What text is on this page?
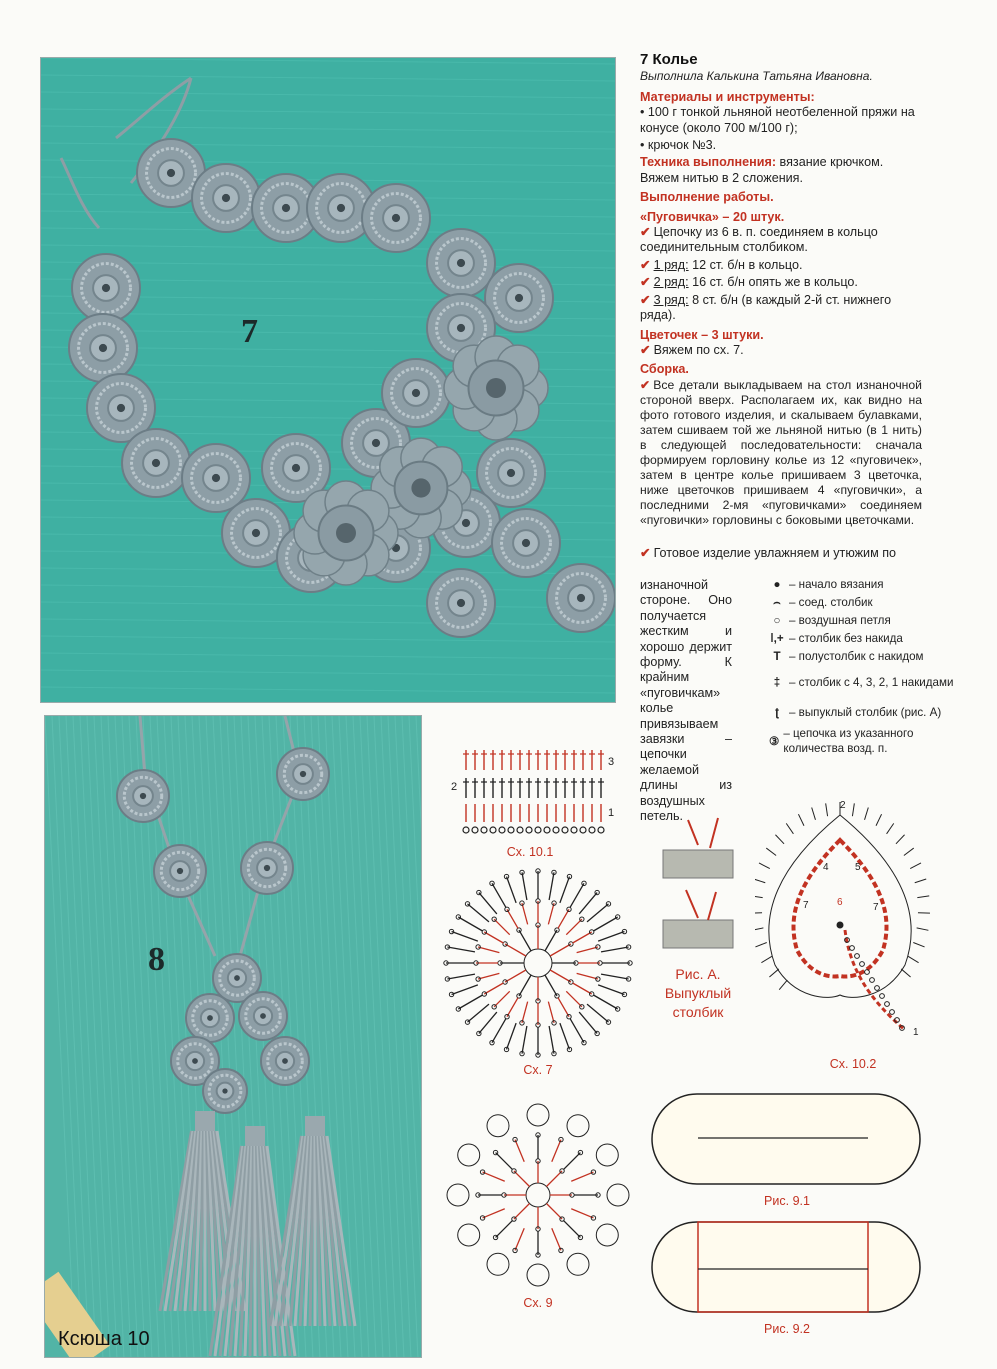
7
8
Ксюша 10
7 Колье
Выполнила Калькина Татьяна Ивановна.
Материалы и инструменты:

• 100 г тонкой льняной неотбеленной пряжи на конусе (около 700 м/100 г);

• крючок №3.

Техника выполнения: вязание крючком. Вяжем нитью в 2 сложения.

Выполнение работы.
«Пуговичка» – 20 штук.

✔ Цепочку из 6 в. п. соединяем в кольцо соединительным столбиком.

✔ 1 ряд: 12 ст. б/н в кольцо.

✔ 2 ряд: 16 ст. б/н опять же в кольцо.

✔ 3 ряд: 8 ст. б/н (в каждый 2-й ст. нижнего ряда).

Цветочек – 3 штуки.

✔ Вяжем по сх. 7.

Сборка.

✔ Все детали выкладываем на стол изнаночной стороной вверх. Располагаем их, как видно на фото готового изделия, и скалываем булавками, затем сшиваем той же льняной нитью (в 1 нить) в следующей последовательности: сначала формируем горловину колье из 12 «пуговичек», затем в центре колье пришиваем 3 цветочка, ниже цветочков пришиваем 4 «пуговички», а последними 2-мя «пуговичками» соединяем «пуговички» горловины с боковыми цветочками.

✔ Готовое изделие увлажняем и утюжим по
изнаночной стороне. Оно получается жестким и хорошо держит форму. К крайним «пуговичкам» колье привязываем завязки – цепочки желаемой длины из воздушных петель.
● – начало вязания
⌢ – соед. столбик
○ – воздушная петля
ǀ,+ – столбик без накида
T – полустолбик с накидом
‡ – столбик с 4, 3, 2, 1 накидами
ʈ – выпуклый столбик (рис. А)
③
– цепочка из указанного количества возд. п.
3
2
1
Сх. 10.1
Сх. 7
Сх. 9
Рис. А. Выпуклый столбик
2
4	5
6
7	7
1
Сх. 10.2
Рис. 9.1
Рис. 9.2
